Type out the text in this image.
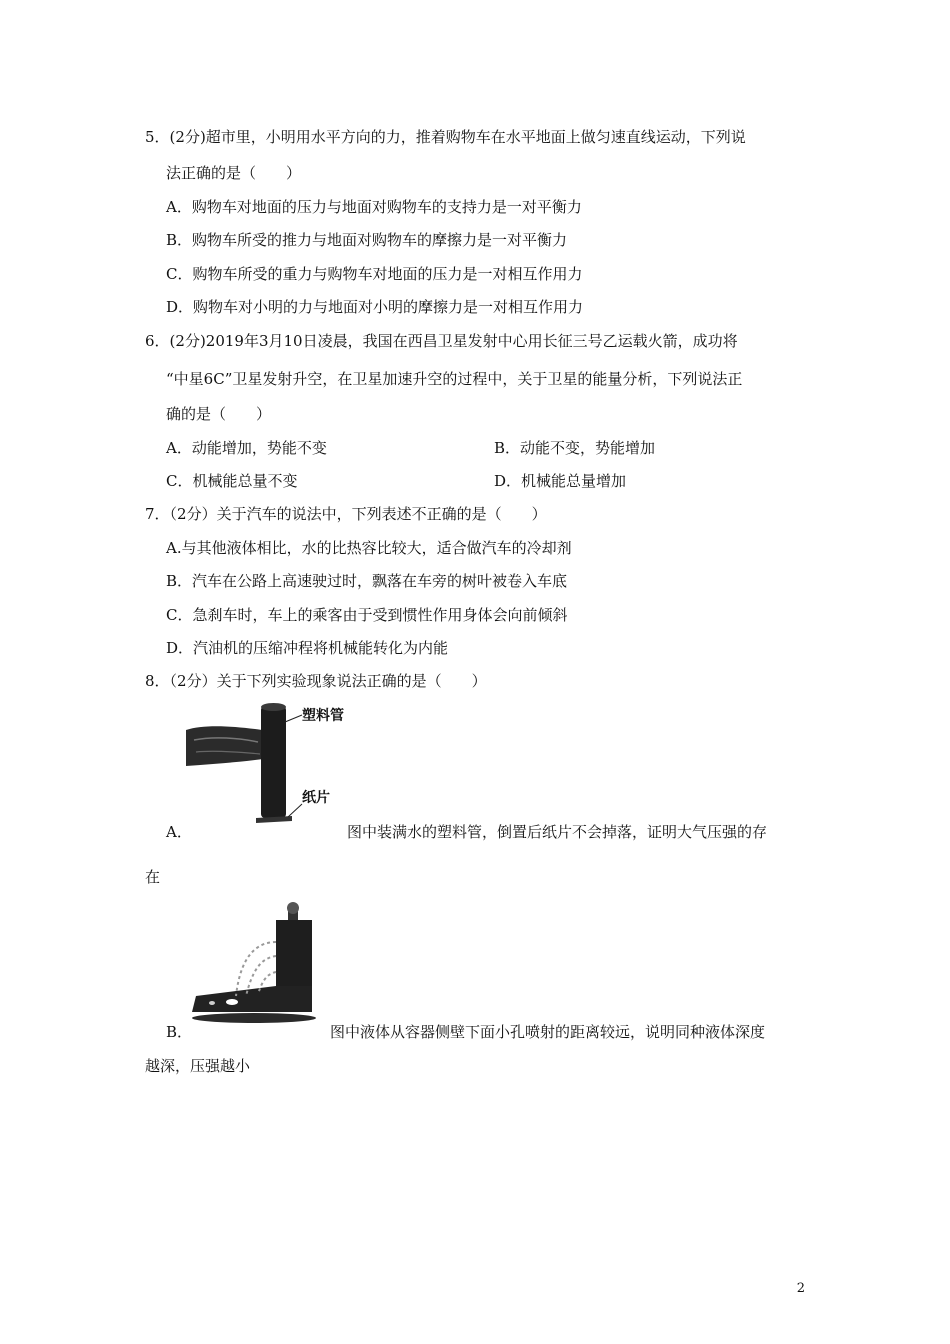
5．(2分)超市里，小明用水平方向的力，推着购物车在水平地面上做匀速直线运动，下列说
法正确的是（　　）
A．购物车对地面的压力与地面对购物车的支持力是一对平衡力
B．购物车所受的推力与地面对购物车的摩擦力是一对平衡力
C．购物车所受的重力与购物车对地面的压力是一对相互作用力
D．购物车对小明的力与地面对小明的摩擦力是一对相互作用力
6．(2分)2019年3月10日凌晨，我国在西昌卫星发射中心用长征三号乙运载火箭，成功将
“中星6C”卫星发射升空，在卫星加速升空的过程中，关于卫星的能量分析，下列说法正
确的是（　　）
A．动能增加，势能不变	B．动能不变，势能增加
C．机械能总量不变	D．机械能总量增加
7．（2分）关于汽车的说法中，下列表述不正确的是（　　）
A.与其他液体相比，水的比热容比较大，适合做汽车的冷却剂
B．汽车在公路上高速驶过时，飘落在车旁的树叶被卷入车底
C．急刹车时，车上的乘客由于受到惯性作用身体会向前倾斜
D．汽油机的压缩冲程将机械能转化为内能
8．（2分）关于下列实验现象说法正确的是（　　）
塑料管
纸片
A．	图中装满水的塑料管，倒置后纸片不会掉落，证明大气压强的存
在
B．	图中液体从容器侧壁下面小孔喷射的距离较远，说明同种液体深度
越深，压强越小
2
